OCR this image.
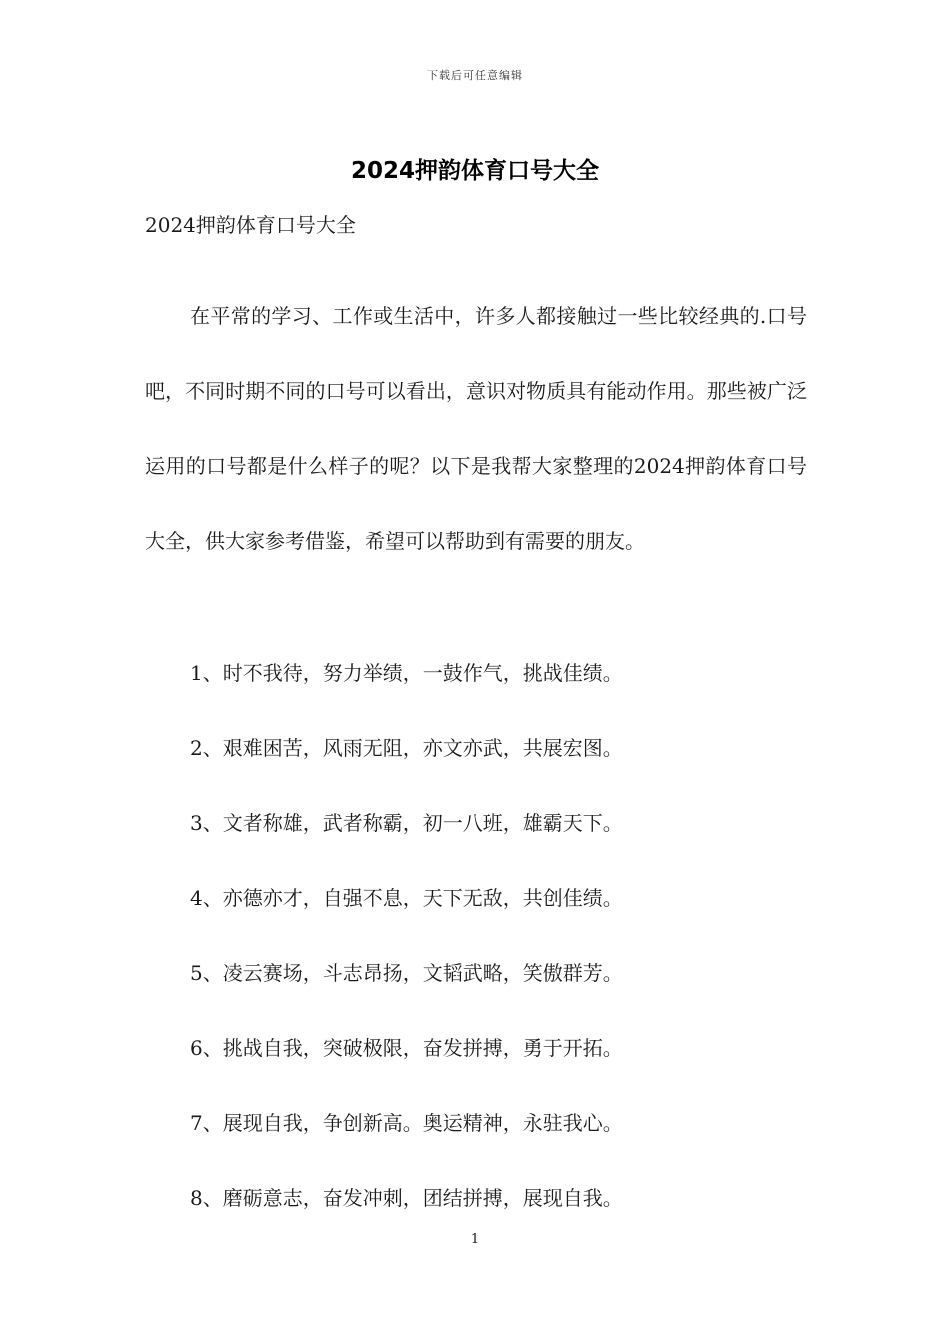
下载后可任意编辑
2024押韵体育口号大全
2024押韵体育口号大全

在平常的学习、工作或生活中，许多人都接触过一些比较经典的.口号吧，不同时期不同的口号可以看出，意识对物质具有能动作用。那些被广泛运用的口号都是什么样子的呢？以下是我帮大家整理的2024押韵体育口号大全，供大家参考借鉴，希望可以帮助到有需要的朋友。

1、时不我待，努力举绩，一鼓作气，挑战佳绩。
2、艰难困苦，风雨无阻，亦文亦武，共展宏图。
3、文者称雄，武者称霸，初一八班，雄霸天下。
4、亦德亦才，自强不息，天下无敌，共创佳绩。
5、凌云赛场，斗志昂扬，文韬武略，笑傲群芳。
6、挑战自我，突破极限，奋发拼搏，勇于开拓。
7、展现自我，争创新高。奥运精神，永驻我心。
8、磨砺意志，奋发冲刺，团结拼搏，展现自我。
1
